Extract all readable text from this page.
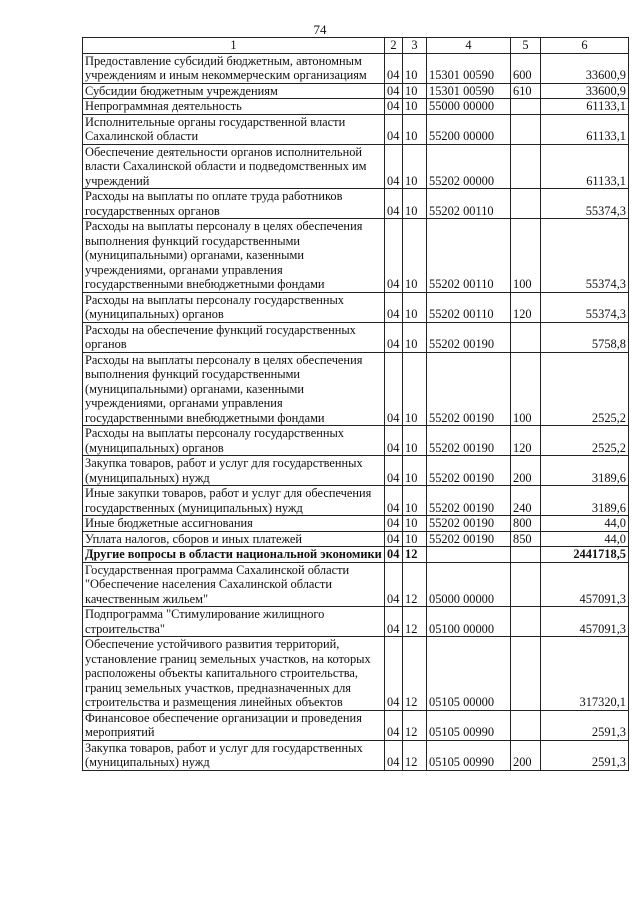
74
1	2	3	4	5	6
Предоставление субсидий бюджетным, автономным учреждениям и иным некоммерческим организациям	04	10	15301 00590	600	33600,9
Субсидии бюджетным учреждениям	04	10	15301 00590	610	33600,9
Непрограммная деятельность	04	10	55000 00000		61133,1
Исполнительные органы государственной власти Сахалинской области	04	10	55200 00000		61133,1
Обеспечение деятельности органов исполнительной власти Сахалинской области и подведомственных им учреждений	04	10	55202 00000		61133,1
Расходы на выплаты по оплате труда работников государственных органов	04	10	55202 00110		55374,3
Расходы на выплаты персоналу в целях обеспечения выполнения функций государственными (муниципальными) органами, казенными учреждениями, органами управления государственными внебюджетными фондами	04	10	55202 00110	100	55374,3
Расходы на выплаты персоналу государственных (муниципальных) органов	04	10	55202 00110	120	55374,3
Расходы на обеспечение функций государственных органов	04	10	55202 00190		5758,8
Расходы на выплаты персоналу в целях обеспечения выполнения функций государственными (муниципальными) органами, казенными учреждениями, органами управления государственными внебюджетными фондами	04	10	55202 00190	100	2525,2
Расходы на выплаты персоналу государственных (муниципальных) органов	04	10	55202 00190	120	2525,2
Закупка товаров, работ и услуг для государственных (муниципальных) нужд	04	10	55202 00190	200	3189,6
Иные закупки товаров, работ и услуг для обеспечения государственных (муниципальных) нужд	04	10	55202 00190	240	3189,6
Иные бюджетные ассигнования	04	10	55202 00190	800	44,0
Уплата налогов, сборов и иных платежей	04	10	55202 00190	850	44,0
Другие вопросы в области национальной экономики	04	12			2441718,5
Государственная программа Сахалинской области "Обеспечение населения Сахалинской области качественным жильем"	04	12	05000 00000		457091,3
Подпрограмма "Стимулирование жилищного строительства"	04	12	05100 00000		457091,3
Обеспечение устойчивого развития территорий, установление границ земельных участков, на которых расположены объекты капитального строительства, границ земельных участков, предназначенных для строительства и размещения линейных объектов	04	12	05105 00000		317320,1
Финансовое обеспечение организации и проведения мероприятий	04	12	05105 00990		2591,3
Закупка товаров, работ и услуг для государственных (муниципальных) нужд	04	12	05105 00990	200	2591,3
